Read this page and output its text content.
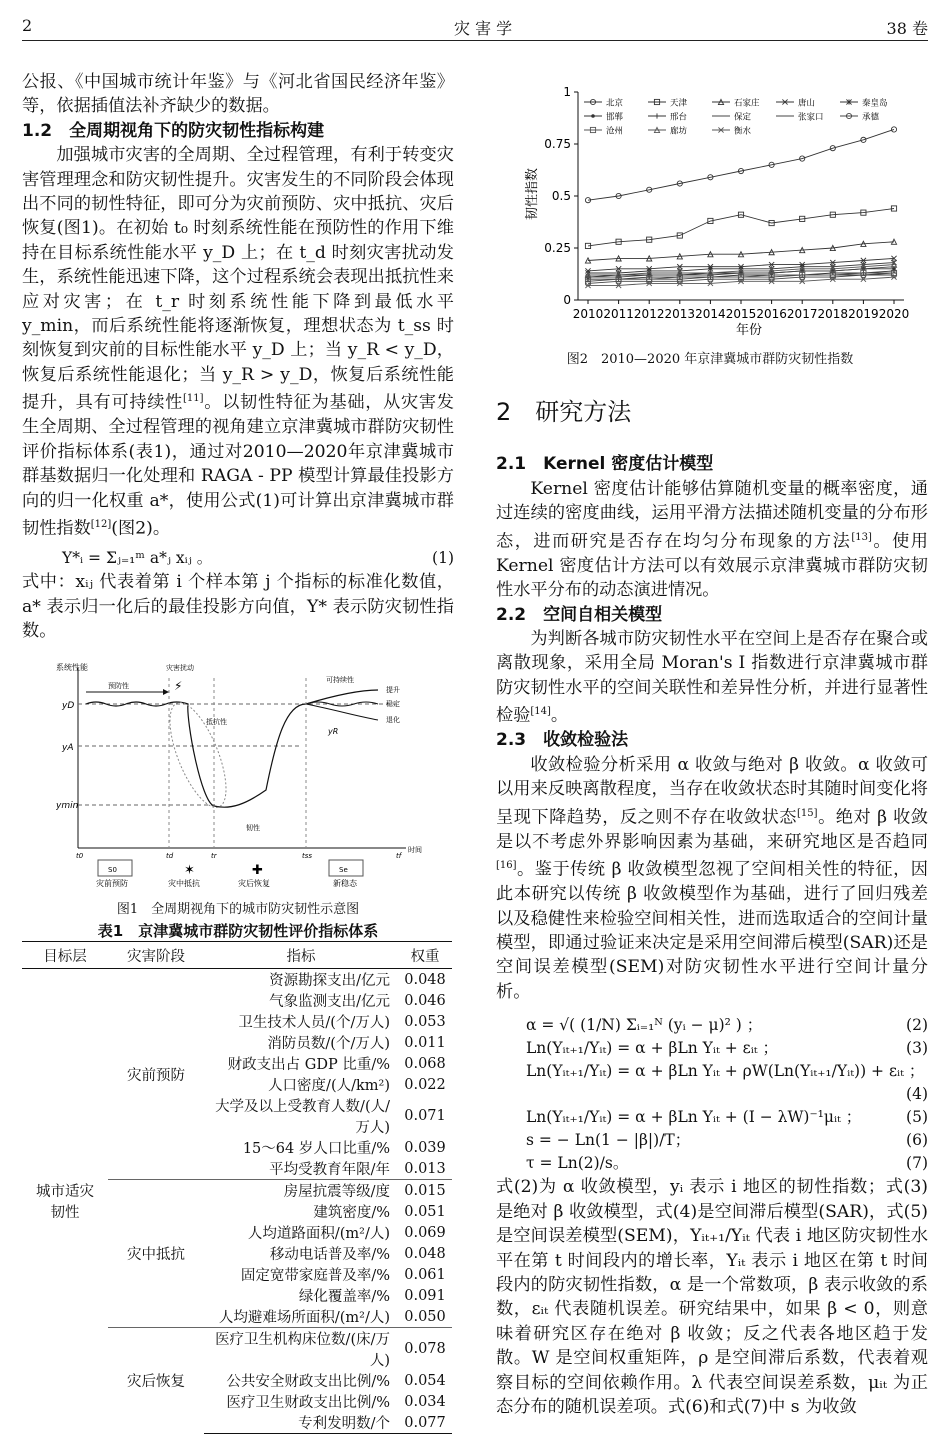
2	灾 害 学	38 卷

公报、《中国城市统计年鉴》与《河北省国民经济年鉴》等，依据插值法补齐缺少的数据。

1.2　全周期视角下的防灾韧性指标构建

加强城市灾害的全周期、全过程管理，有利于转变灾害管理理念和防灾韧性提升。灾害发生的不同阶段会体现出不同的韧性特征，即可分为灾前预防、灾中抵抗、灾后恢复(图1)。在初始 t₀ 时刻系统性能在预防性的作用下维持在目标系统性能水平 y_D 上；在 t_d 时刻灾害扰动发生，系统性能迅速下降，这个过程系统会表现出抵抗性来应对灾害；在 t_r 时刻系统性能下降到最低水平 y_min，而后系统性能将逐渐恢复，理想状态为 t_ss 时刻恢复到灾前的目标性能水平 y_D 上；当 y_R < y_D，恢复后系统性能退化；当 y_R > y_D，恢复后系统性能提升，具有可持续性[11]。以韧性特征为基础，从灾害发生全周期、全过程管理的视角建立京津冀城市群防灾韧性评价指标体系(表1)，通过对2010—2020年京津冀城市群基数据归一化处理和 RAGA - PP 模型计算最佳投影方向的归一化权重 a*，使用公式(1)可计算出京津冀城市群韧性指数[12](图2)。

Y*ᵢ = Σⱼ₌₁ᵐ a*ⱼ xᵢⱼ 。	(1)

式中：xᵢⱼ 代表着第 i 个样本第 j 个指标的标准化数值，a* 表示归一化后的最佳投影方向值，Y* 表示防灾韧性指数。

系统性能
yD
yA
ymin
预防性
灾害扰动
⚡
抵抗性
可持续性
提升
稳定
退化
yR
韧性
t0	td	tr	tss	tf
时间
S0	Se
✶	✚
灾前预防	灾中抵抗	灾后恢复	新稳态

图1　全周期视角下的城市防灾韧性示意图

表1　京津冀城市群防灾韧性评价指标体系

目标层	灾害阶段	指标	权重
城市适灾韧性	灾前预防	资源勘探支出/亿元	0.048
		气象监测支出/亿元	0.046
		卫生技术人员/(个/万人)	0.053
		消防员数/(个/万人)	0.011
		财政支出占 GDP 比重/%	0.068
		人口密度/(人/km²)	0.022
		大学及以上受教育人数/(人/万人)	0.071
		15～64 岁人口比重/%	0.039
		平均受教育年限/年	0.013
	灾中抵抗	房屋抗震等级/度	0.015
		建筑密度/%	0.051
		人均道路面积/(m²/人)	0.069
		移动电话普及率/%	0.048
		固定宽带家庭普及率/%	0.061
		绿化覆盖率/%	0.091
		人均避难场所面积/(m²/人)	0.050
	灾后恢复	医疗卫生机构床位数/(床/万人)	0.078
		公共安全财政支出比例/%	0.054
		医疗卫生财政支出比例/%	0.034
		专利发明数/个	0.077
0
0.25
0.5
0.75
1
2010 2011 2012 2013 2014 2015 2016 2017 2018 2019 2020
北京	天津	石家庄	唐山	秦皇岛
邯郸	邢台	保定	张家口	承德
沧州	廊坊	衡水
年份
韧性指数

图2　2010—2020 年京津冀城市群防灾韧性指数

2　研究方法

2.1　Kernel 密度估计模型

Kernel 密度估计能够估算随机变量的概率密度，通过连续的密度曲线，运用平滑方法描述随机变量的分布形态，进而研究是否存在均匀分布现象的方法[13]。使用 Kernel 密度估计方法可以有效展示京津冀城市群防灾韧性水平分布的动态演进情况。

2.2　空间自相关模型

为判断各城市防灾韧性水平在空间上是否存在聚合或离散现象，采用全局 Moran's I 指数进行京津冀城市群防灾韧性水平的空间关联性和差异性分析，并进行显著性检验[14]。

2.3　收敛检验法

收敛检验分析采用 α 收敛与绝对 β 收敛。α 收敛可以用来反映离散程度，当存在收敛状态时其随时间变化将呈现下降趋势，反之则不存在收敛状态[15]。绝对 β 收敛是以不考虑外界影响因素为基础，来研究地区是否趋同[16]。鉴于传统 β 收敛模型忽视了空间相关性的特征，因此本研究以传统 β 收敛模型作为基础，进行了回归残差以及稳健性来检验空间相关性，进而选取适合的空间计量模型，即通过验证来决定是采用空间滞后模型(SAR)还是空间误差模型(SEM)对防灾韧性水平进行空间计量分析。

α = √( (1/N) Σᵢ₌₁ᴺ (yᵢ − μ)² ) ；	(2)
Ln(Yᵢₜ₊₁/Yᵢₜ) = α + βLn Yᵢₜ + εᵢₜ ；	(3)
Ln(Yᵢₜ₊₁/Yᵢₜ) = α + βLn Yᵢₜ + ρW(Ln(Yᵢₜ₊₁/Yᵢₜ)) + εᵢₜ ；
(4)
Ln(Yᵢₜ₊₁/Yᵢₜ) = α + βLn Yᵢₜ + (I − λW)⁻¹μᵢₜ ；	(5)
s = − Ln(1 − |β|)/T；	(6)
τ = Ln(2)/s。	(7)

式(2)为 α 收敛模型，yᵢ 表示 i 地区的韧性指数；式(3)是绝对 β 收敛模型，式(4)是空间滞后模型(SAR)，式(5)是空间误差模型(SEM)，Yᵢₜ₊₁/Yᵢₜ 代表 i 地区防灾韧性水平在第 t 时间段内的增长率，Yᵢₜ 表示 i 地区在第 t 时间段内的防灾韧性指数，α 是一个常数项，β 表示收敛的系数，εᵢₜ 代表随机误差。研究结果中，如果 β < 0，则意味着研究区存在绝对 β 收敛；反之代表各地区趋于发散。W 是空间权重矩阵，ρ 是空间滞后系数，代表着观察目标的空间依赖作用。λ 代表空间误差系数，μᵢₜ 为正态分布的随机误差项。式(6)和式(7)中 s 为收敛
